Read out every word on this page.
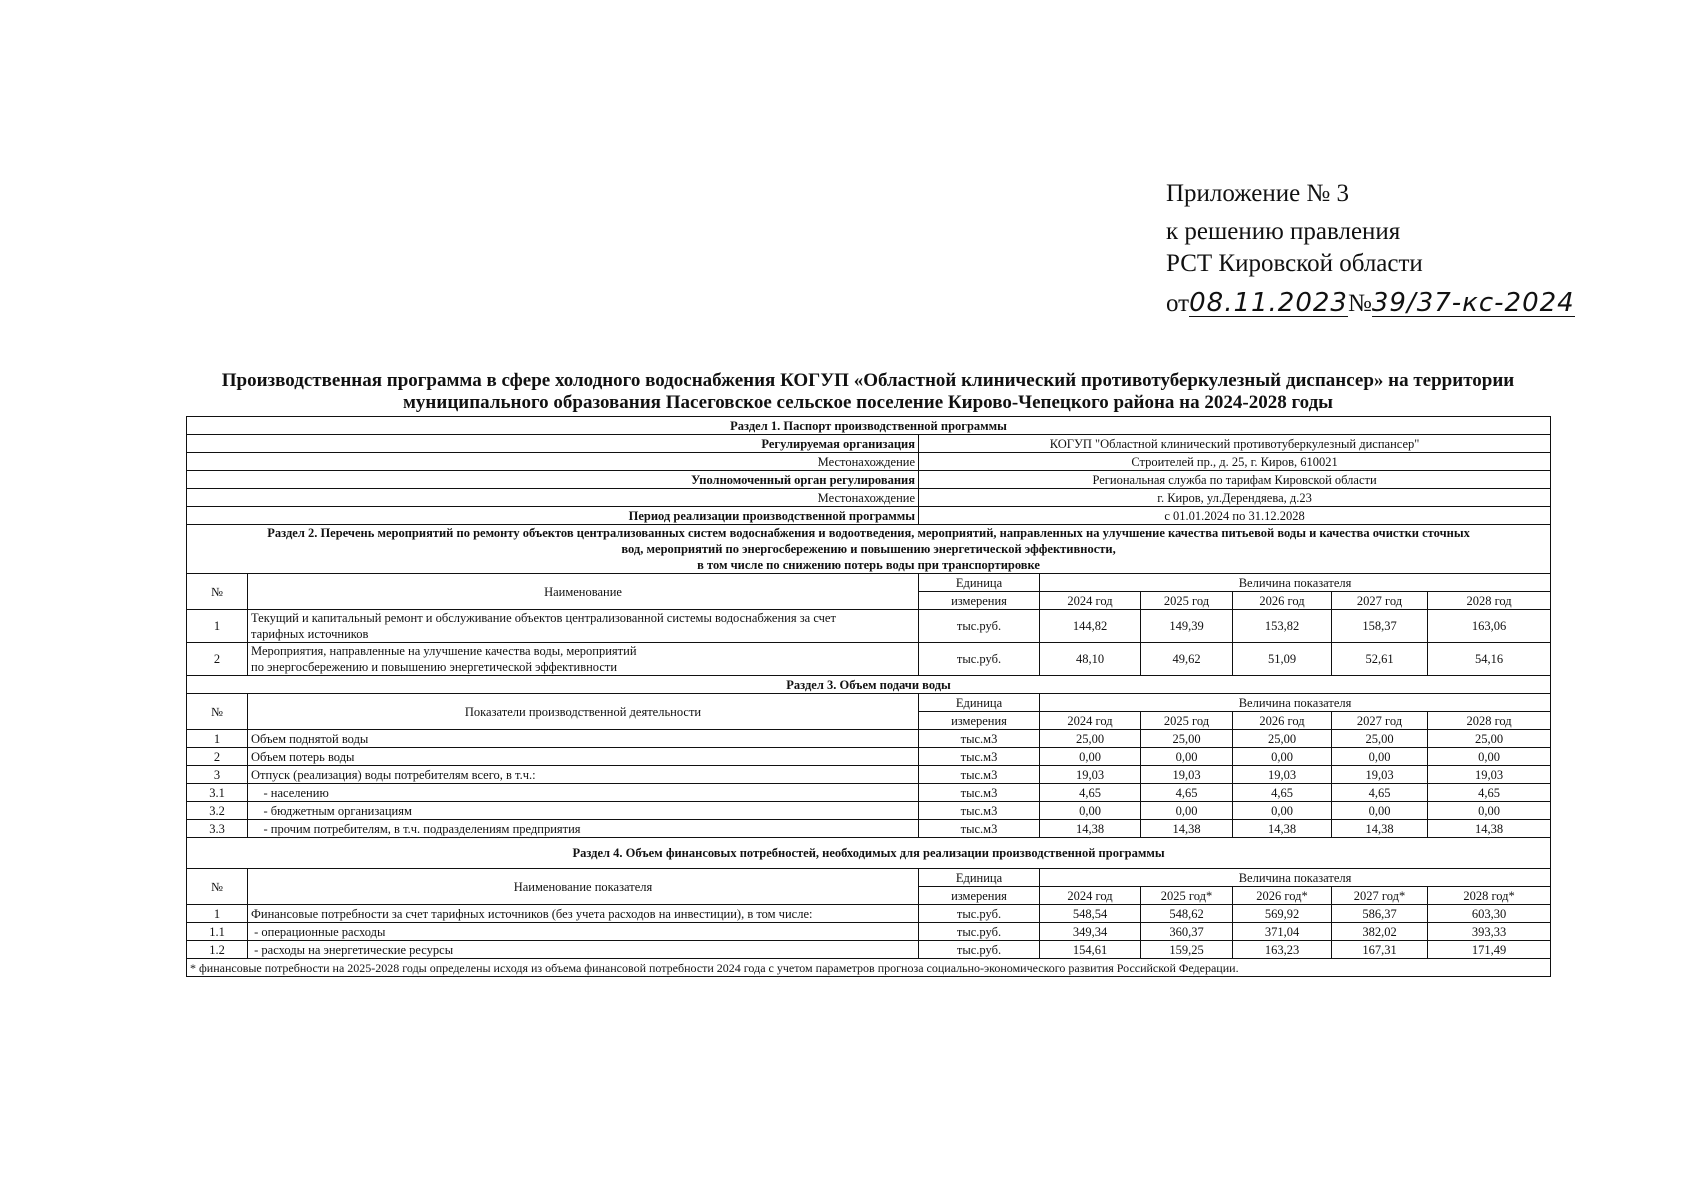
Приложение № 3
к решению правления
РСТ Кировской области
от08.11.2023№39/37-кс-2024
Производственная программа в сфере холодного водоснабжения КОГУП «Областной клинический противотуберкулезный диспансер» на территории муниципального образования Пасеговское сельское поселение Кирово-Чепецкого района на 2024-2028 годы
Раздел 1. Паспорт производственной программы							
Регулируемая организация		КОГУП "Областной клинический противотуберкулезный диспансер"					
Местонахождение		Строителей пр., д. 25, г. Киров, 610021					
Уполномоченный орган регулирования		Региональная служба по тарифам Кировской области					
Местонахождение		г. Киров, ул.Дерендяева, д.23					
Период реализации производственной программы		с 01.01.2024 по 31.12.2028					

Раздел 2. Перечень мероприятий по ремонту объектов централизованных систем водоснабжения и водоотведения, мероприятий, направленных на улучшение качества питьевой воды и качества очистки сточных
вод, мероприятий по энергосбережению и повышению энергетической эффективности,
в том числе по снижению потерь воды при транспортировке							

№	Наименование	Единица	Величина показателя				
		измерения	2024 год	2025 год	2026 год	2027 год	2028 год
1	Текущий и капитальный ремонт и обслуживание объектов централизованной системы водоснабжения за счет
тарифных источников	тыс.руб.	144,82	149,39	153,82	158,37	163,06
2	Мероприятия, направленные на улучшение качества воды, мероприятий
по энергосбережению и повышению энергетической эффективности	тыс.руб.	48,10	49,62	51,09	52,61	54,16
Раздел 3. Объем подачи воды							
№	Показатели производственной деятельности	Единица	Величина показателя				
		измерения	2024 год	2025 год	2026 год	2027 год	2028 год
1	Объем поднятой воды	тыс.м3	25,00	25,00	25,00	25,00	25,00
2	Объем потерь воды	тыс.м3	0,00	0,00	0,00	0,00	0,00
3	Отпуск (реализация) воды потребителям всего, в т.ч.:	тыс.м3	19,03	19,03	19,03	19,03	19,03
3.1	- населению	тыс.м3	4,65	4,65	4,65	4,65	4,65
3.2	- бюджетным организациям	тыс.м3	0,00	0,00	0,00	0,00	0,00
3.3	- прочим потребителям, в т.ч. подразделениям предприятия	тыс.м3	14,38	14,38	14,38	14,38	14,38
Раздел 4. Объем финансовых потребностей, необходимых для реализации производственной программы							
№	Наименование показателя	Единица	Величина показателя				
		измерения	2024 год	2025 год*	2026 год*	2027 год*	2028 год*
1	Финансовые потребности за счет тарифных источников (без учета расходов на инвестиции), в том числе:	тыс.руб.	548,54	548,62	569,92	586,37	603,30
1.1	- операционные расходы	тыс.руб.	349,34	360,37	371,04	382,02	393,33
1.2	- расходы на энергетические ресурсы	тыс.руб.	154,61	159,25	163,23	167,31	171,49
* финансовые потребности на 2025-2028 годы определены исходя из объема финансовой потребности 2024 года с учетом параметров прогноза социально-экономического развития Российской Федерации.							
